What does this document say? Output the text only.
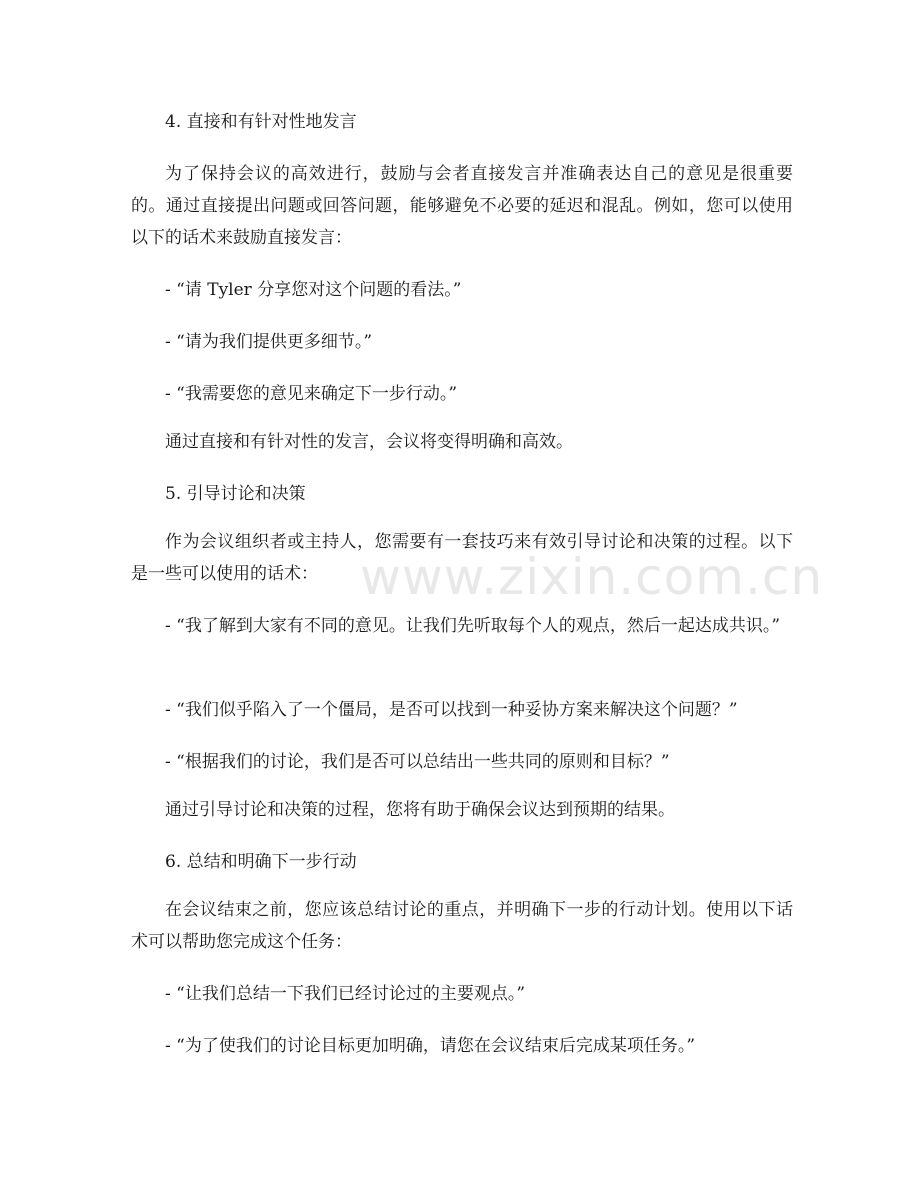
www.zixin.com.cn

4. 直接和有针对性地发言

为了保持会议的高效进行，鼓励与会者直接发言并准确表达自己的意见是很重要的。通过直接提出问题或回答问题，能够避免不必要的延迟和混乱。例如，您可以使用以下的话术来鼓励直接发言：

- “请 Tyler 分享您对这个问题的看法。”

- “请为我们提供更多细节。”

- “我需要您的意见来确定下一步行动。”

通过直接和有针对性的发言，会议将变得明确和高效。

5. 引导讨论和决策

作为会议组织者或主持人，您需要有一套技巧来有效引导讨论和决策的过程。以下是一些可以使用的话术：

- “我了解到大家有不同的意见。让我们先听取每个人的观点，然后一起达成共识。”

- “我们似乎陷入了一个僵局，是否可以找到一种妥协方案来解决这个问题？”

- “根据我们的讨论，我们是否可以总结出一些共同的原则和目标？”

通过引导讨论和决策的过程，您将有助于确保会议达到预期的结果。

6. 总结和明确下一步行动

在会议结束之前，您应该总结讨论的重点，并明确下一步的行动计划。使用以下话术可以帮助您完成这个任务：

- “让我们总结一下我们已经讨论过的主要观点。”

- “为了使我们的讨论目标更加明确，请您在会议结束后完成某项任务。”
